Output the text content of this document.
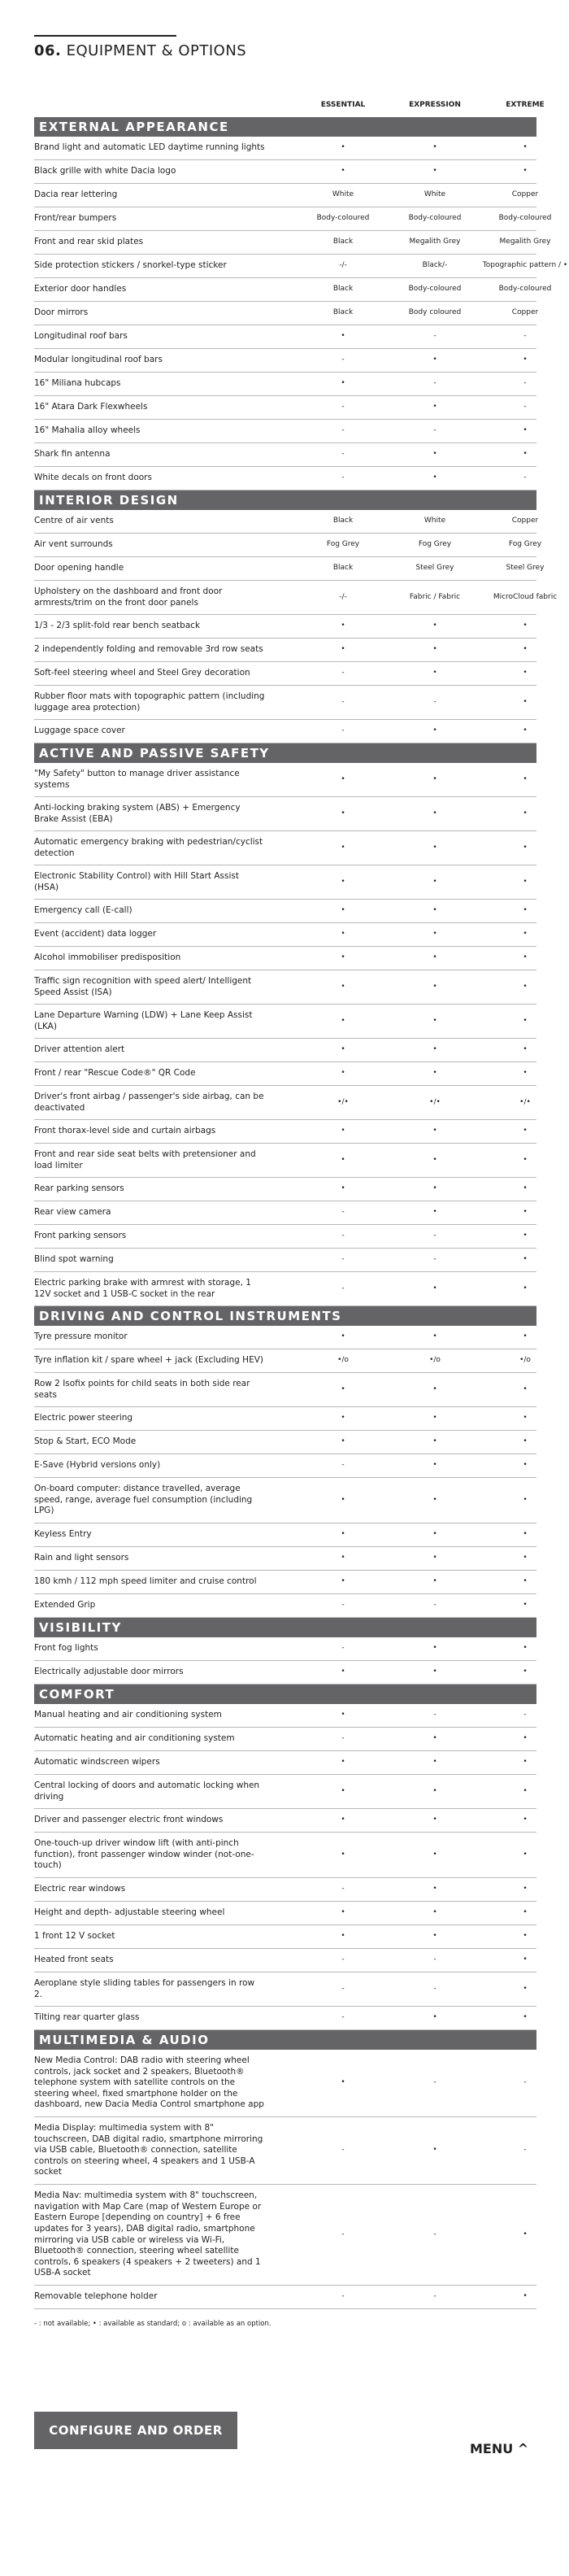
06. EQUIPMENT & OPTIONS
ESSENTIAL	EXPRESSION	EXTREME
EXTERNAL APPEARANCE
Brand light and automatic LED daytime running lights	•	•	•
Black grille with white Dacia logo	•	•	•
Dacia rear lettering	White	White	Copper
Front/rear bumpers	Body-coloured	Body-coloured	Body-coloured
Front and rear skid plates	Black	Megalith Grey	Megalith Grey
Side protection stickers / snorkel-type sticker	-/-	Black/-	Topographic pattern / •
Exterior door handles	Black	Body-coloured	Body-coloured
Door mirrors	Black	Body coloured	Copper
Longitudinal roof bars	•	-	-
Modular longitudinal roof bars	-	•	•
16" Miliana hubcaps	•	-	-
16" Atara Dark Flexwheels	-	•	-
16" Mahalia alloy wheels	-	-	•
Shark fin antenna	-	•	•
White decals on front doors	-	•	-
INTERIOR DESIGN
Centre of air vents	Black	White	Copper
Air vent surrounds	Fog Grey	Fog Grey	Fog Grey
Door opening handle	Black	Steel Grey	Steel Grey
Upholstery on the dashboard and front door armrests/trim on the front door panels
-/-	Fabric / Fabric	MicroCloud fabric
1/3 - 2/3 split-fold rear bench seatback	•	•	•
2 independently folding and removable 3rd row seats	•	•	•
Soft-feel steering wheel and Steel Grey decoration	-	•	•
Rubber floor mats with topographic pattern (including luggage area protection)
-	-	•
Luggage space cover	-	•	•
ACTIVE AND PASSIVE SAFETY
"My Safety" button to manage driver assistance systems
•	•	•
Anti-locking braking system (ABS) + Emergency Brake Assist (EBA)
•	•	•
Automatic emergency braking with pedestrian/cyclist detection
•	•	•
Electronic Stability Control) with Hill Start Assist (HSA)
•	•	•
Emergency call (E-call)	•	•	•
Event (accident) data logger	•	•	•
Alcohol immobiliser predisposition	•	•	•
Traffic sign recognition with speed alert/ Intelligent Speed Assist (ISA)
•	•	•
Lane Departure Warning (LDW) + Lane Keep Assist (LKA)
•	•	•
Driver attention alert	•	•	•
Front / rear "Rescue Code®" QR Code	•	•	•
Driver's front airbag / passenger's side airbag, can be deactivated
•/•	•/•	•/•
Front thorax-level side and curtain airbags	•	•	•
Front and rear side seat belts with pretensioner and load limiter
•	•	•
Rear parking sensors	•	•	•
Rear view camera	-	•	•
Front parking sensors	-	-	•
Blind spot warning	-	-	•
Electric parking brake with armrest with storage, 1 12V socket and 1 USB-C socket in the rear
-	•	•
DRIVING AND CONTROL INSTRUMENTS
Tyre pressure monitor	•	•	•
Tyre inflation kit / spare wheel + jack (Excluding HEV)	•/o	•/o	•/o
Row 2 Isofix points for child seats in both side rear seats
•	•	•
Electric power steering	•	•	•
Stop & Start, ECO Mode	•	•	•
E-Save (Hybrid versions only)	-	•	•
On-board computer: distance travelled, average speed, range, average fuel consumption (including LPG)
•	•	•
Keyless Entry	•	•	•
Rain and light sensors	•	•	•
180 kmh / 112 mph speed limiter and cruise control	•	•	•
Extended Grip	-	-	•
VISIBILITY
Front fog lights	-	•	•
Electrically adjustable door mirrors	•	•	•
COMFORT
Manual heating and air conditioning system	•	-	-
Automatic heating and air conditioning system	-	•	•
Automatic windscreen wipers	•	•	•
Central locking of doors and automatic locking when driving
•	•	•
Driver and passenger electric front windows	•	•	•
One-touch-up driver window lift (with anti-pinch function), front passenger window winder (not-one-touch)
•	•	•
Electric rear windows	-	•	•
Height and depth- adjustable steering wheel	•	•	•
1 front 12 V socket	•	•	•
Heated front seats	-	-	•
Aeroplane style sliding tables for passengers in row 2.
-	-	•
Tilting rear quarter glass	-	•	•
MULTIMEDIA & AUDIO
New Media Control: DAB radio with steering wheel controls, jack socket and 2 speakers, Bluetooth® telephone system with satellite controls on the steering wheel, fixed smartphone holder on the dashboard, new Dacia Media Control smartphone app
•	-	-
Media Display: multimedia system with 8" touchscreen, DAB digital radio, smartphone mirroring via USB cable, Bluetooth® connection, satellite controls on steering wheel, 4 speakers and 1 USB-A socket
-	•	-
Media Nav: multimedia system with 8" touchscreen, navigation with Map Care (map of Western Europe or Eastern Europe [depending on country] + 6 free updates for 3 years), DAB digital radio, smartphone mirroring via USB cable or wireless via Wi-Fi, Bluetooth® connection, steering wheel satellite controls, 6 speakers (4 speakers + 2 tweeters) and 1 USB-A socket
-	-	•
Removable telephone holder	-	-	•
- : not available; • : available as standard; o : available as an option.
CONFIGURE AND ORDER
MENU ^
